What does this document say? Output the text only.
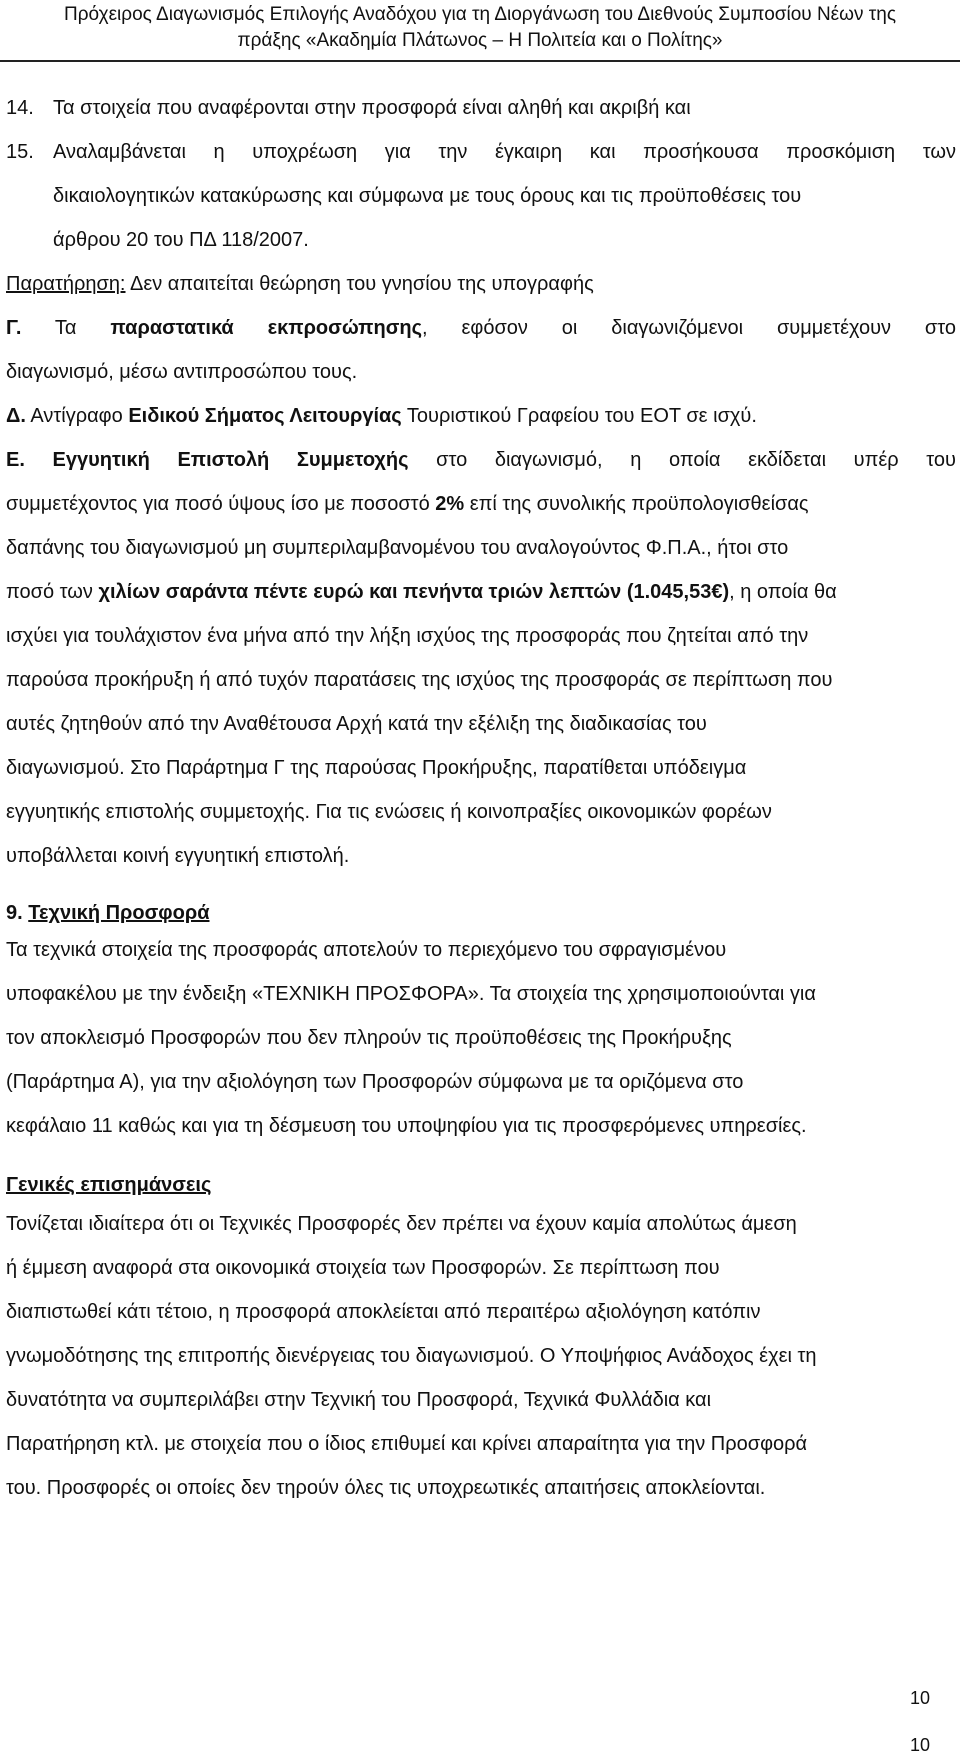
Πρόχειρος Διαγωνισμός Επιλογής Αναδόχου για τη Διοργάνωση του Διεθνούς Συμποσίου Νέων της
πράξης «Ακαδημία Πλάτωνος – Η Πολιτεία και ο Πολίτης»
14. Τα στοιχεία που αναφέρονται στην προσφορά είναι αληθή και ακριβή και
15. Αναλαμβάνεται η υποχρέωση για την έγκαιρη και προσήκουσα προσκόμιση των
δικαιολογητικών κατακύρωσης και σύμφωνα με τους όρους και τις προϋποθέσεις του
άρθρου 20 του ΠΔ 118/2007.
Παρατήρηση: Δεν απαιτείται θεώρηση του γνησίου της υπογραφής
Γ. Τα παραστατικά εκπροσώπησης, εφόσον οι διαγωνιζόμενοι συμμετέχουν στο
διαγωνισμό, μέσω αντιπροσώπου τους.
Δ. Αντίγραφο Ειδικού Σήματος Λειτουργίας Τουριστικού Γραφείου του ΕΟΤ σε ισχύ.
Ε. Εγγυητική Επιστολή Συμμετοχής στο διαγωνισμό, η οποία εκδίδεται υπέρ του
συμμετέχοντος για ποσό ύψους ίσο με ποσοστό 2% επί της συνολικής προϋπολογισθείσας
δαπάνης του διαγωνισμού μη συμπεριλαμβανομένου του αναλογούντος Φ.Π.Α., ήτοι στο
ποσό των χιλίων σαράντα πέντε ευρώ και πενήντα τριών λεπτών (1.045,53€), η οποία θα
ισχύει για τουλάχιστον ένα μήνα από την λήξη ισχύος της προσφοράς που ζητείται από την
παρούσα προκήρυξη ή από τυχόν παρατάσεις της ισχύος της προσφοράς σε περίπτωση που
αυτές ζητηθούν από την Αναθέτουσα Αρχή κατά την εξέλιξη της διαδικασίας του
διαγωνισμού. Στο Παράρτημα Γ της παρούσας Προκήρυξης, παρατίθεται υπόδειγμα
εγγυητικής επιστολής συμμετοχής. Για τις ενώσεις ή κοινοπραξίες οικονομικών φορέων
υποβάλλεται κοινή εγγυητική επιστολή.
9. Τεχνική Προσφορά
Τα τεχνικά στοιχεία της προσφοράς αποτελούν το περιεχόμενο του σφραγισμένου
υποφακέλου με την ένδειξη «ΤΕΧΝΙΚΗ ΠΡΟΣΦΟΡΑ». Τα στοιχεία της χρησιμοποιούνται για
τον αποκλεισμό Προσφορών που δεν πληρούν τις προϋποθέσεις της Προκήρυξης
(Παράρτημα Α), για την αξιολόγηση των Προσφορών σύμφωνα με τα οριζόμενα στο
κεφάλαιο 11 καθώς και για τη δέσμευση του υποψηφίου για τις προσφερόμενες υπηρεσίες.
Γενικές επισημάνσεις
Τονίζεται ιδιαίτερα ότι οι Τεχνικές Προσφορές δεν πρέπει να έχουν καμία απολύτως άμεση
ή έμμεση αναφορά στα οικονομικά στοιχεία των Προσφορών. Σε περίπτωση που
διαπιστωθεί κάτι τέτοιο, η προσφορά αποκλείεται από περαιτέρω αξιολόγηση κατόπιν
γνωμοδότησης της επιτροπής διενέργειας του διαγωνισμού. Ο Υποψήφιος Ανάδοχος έχει τη
δυνατότητα να συμπεριλάβει στην Τεχνική του Προσφορά, Τεχνικά Φυλλάδια και
Παρατήρηση κτλ. με στοιχεία που ο ίδιος επιθυμεί και κρίνει απαραίτητα για την Προσφορά
του. Προσφορές οι οποίες δεν τηρούν όλες τις υποχρεωτικές απαιτήσεις αποκλείονται.
10
10
